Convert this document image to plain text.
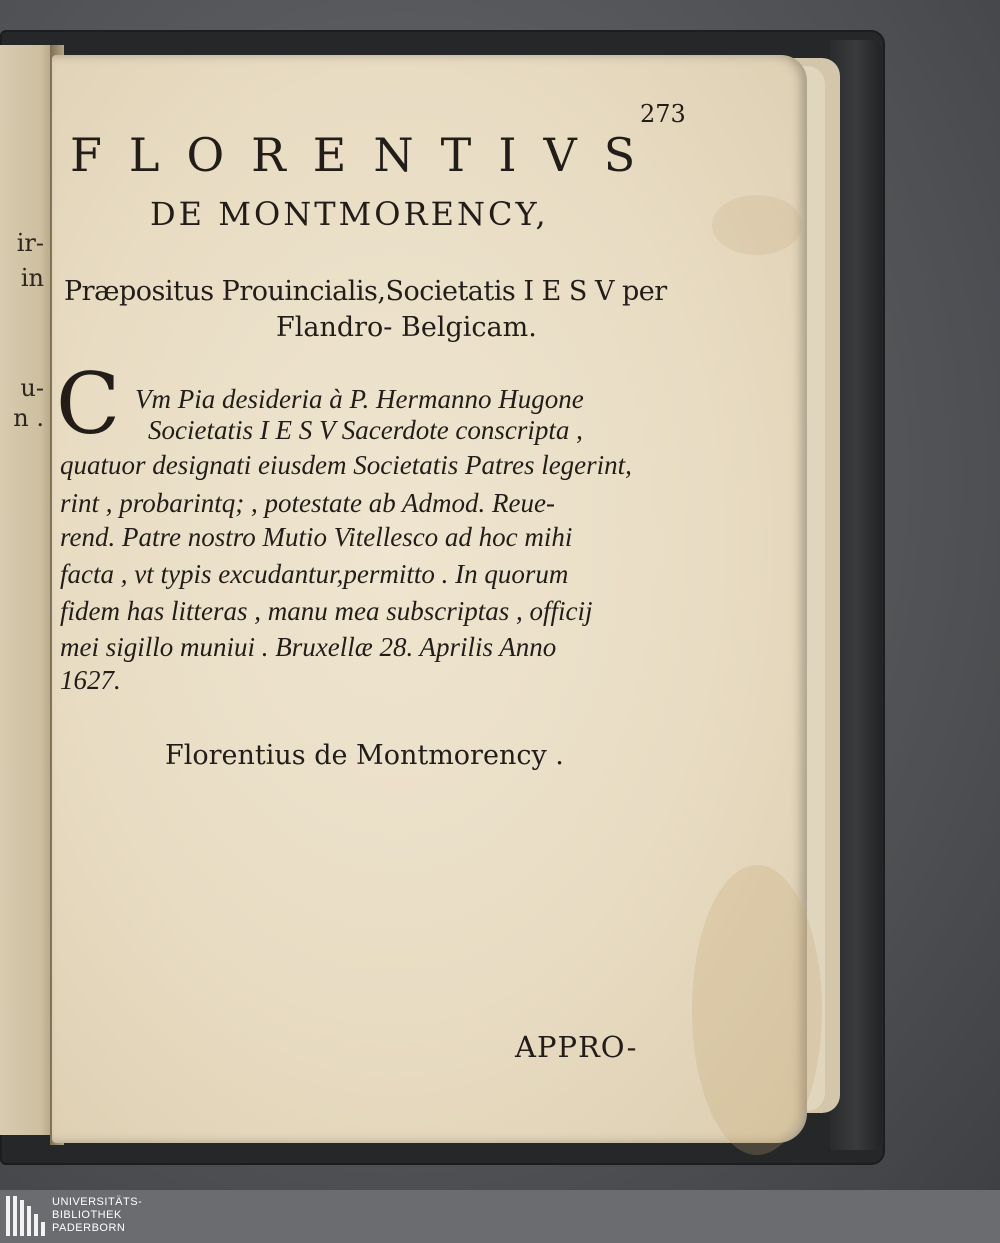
ir-

in

u-

n .

273

FLORENTIVS

DE MONTMORENCY,

Præpositus Prouincialis,Societatis I E S V per

Flandro- Belgicam.

C Vm Pia desideria à P. Hermanno Hugone

Societatis I E S V Sacerdote conscripta ,

quatuor designati eiusdem Societatis Patres legerint,

rint , probarintq; , potestate ab Admod. Reue-

rend. Patre nostro Mutio Vitellesco ad hoc mihi

facta , vt typis excudantur,permitto . In quorum

fidem has litteras , manu mea subscriptas , officij

mei sigillo muniui . Bruxellæ 28. Aprilis Anno

1627.

Florentius de Montmorency .

APPRO-

UNIVERSITÄTS-

BIBLIOTHEK

PADERBORN
